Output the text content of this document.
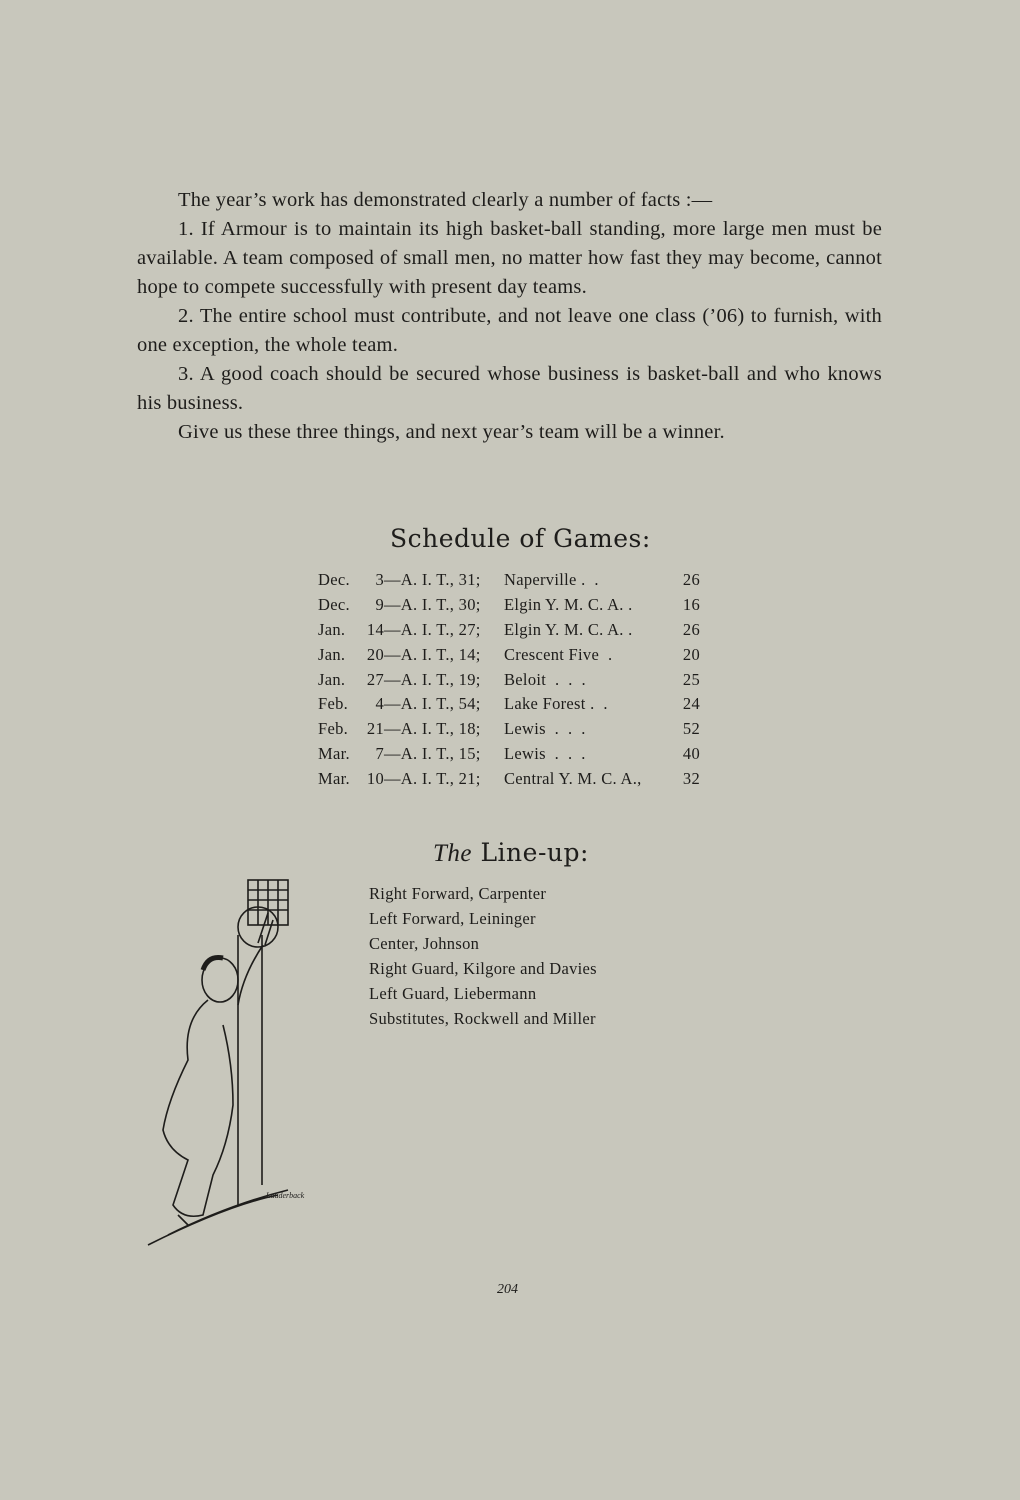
The year’s work has demonstrated clearly a number of facts :—

1. If Armour is to maintain its high basket-ball standing, more large men must be available. A team composed of small men, no matter how fast they may become, cannot hope to compete successfully with present day teams.

2. The entire school must contribute, and not leave one class (’06) to furnish, with one exception, the whole team.

3. A good coach should be secured whose business is basket-ball and who knows his business.

Give us these three things, and next year’s team will be a winner.

Schedule of Games:
Dec.	3 —A. I. T., 31;	Naperville .  .	26
Dec.	9 —A. I. T., 30;	Elgin Y. M. C. A. .	16
Jan.	14 —A. I. T., 27;	Elgin Y. M. C. A. .	26
Jan.	20 —A. I. T., 14;	Crescent Five  .	20
Jan.	27 —A. I. T., 19;	Beloit  .  .  .	25
Feb.	4 —A. I. T., 54;	Lake Forest .  .	24
Feb.	21 —A. I. T., 18;	Lewis  .  .  .	52
Mar.	7 —A. I. T., 15;	Lewis  .  .  .	40
Mar.	10 —A. I. T., 21;	Central Y. M. C. A.,	32
The Line-up:
Right Forward, Carpenter
Left Forward, Leininger
Center, Johnson
Right Guard, Kilgore and Davies
Left Guard, Liebermann
Substitutes, Rockwell and Miller
Lauderback
204
